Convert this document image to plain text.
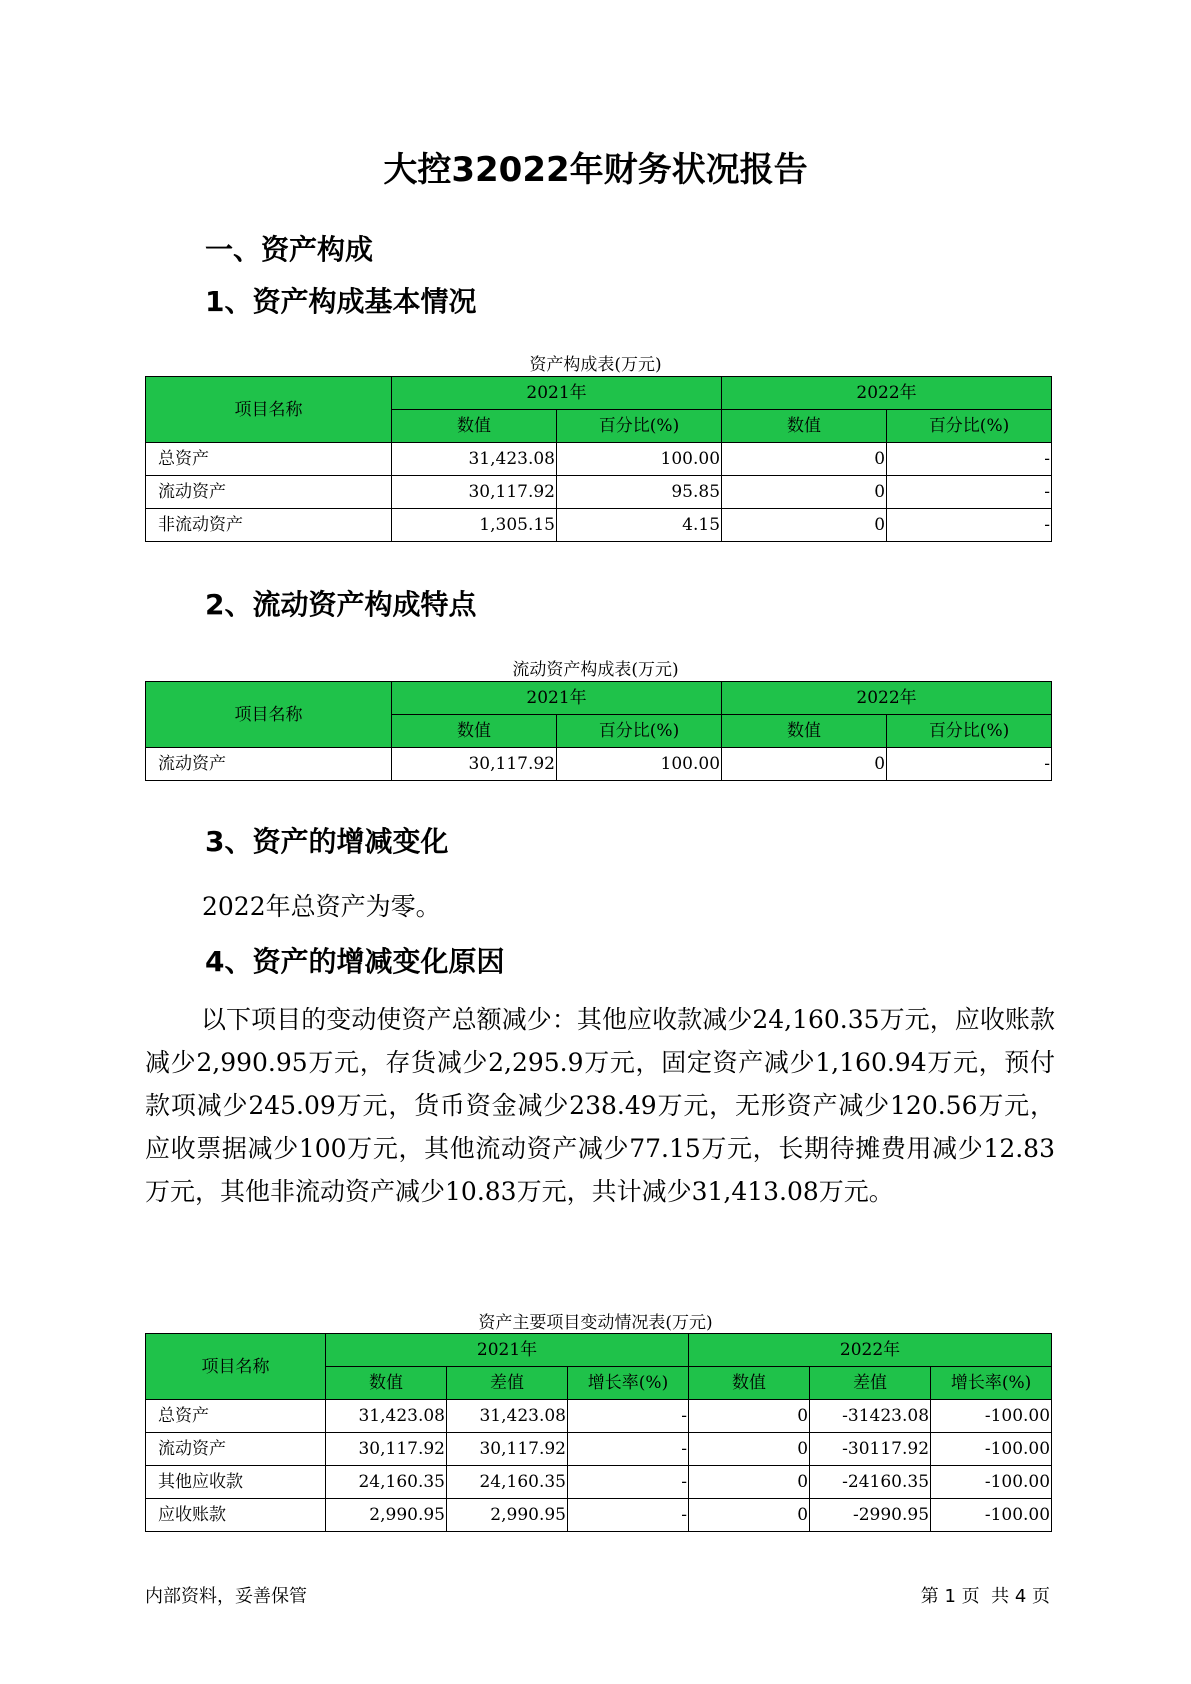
大控32022年财务状况报告
一、资产构成
1、资产构成基本情况
资产构成表(万元)
项目名称	2021年		2022年	
	数值	百分比(%)	数值	百分比(%)
总资产	31,423.08	100.00	0	-
流动资产	30,117.92	95.85	0	-
非流动资产	1,305.15	4.15	0	-
2、流动资产构成特点
流动资产构成表(万元)
项目名称	2021年		2022年	
	数值	百分比(%)	数值	百分比(%)
流动资产	30,117.92	100.00	0	-
3、资产的增减变化
2022年总资产为零。
4、资产的增减变化原因
以下项目的变动使资产总额减少：其他应收款减少24,160.35万元，应收账款减少2,990.95万元，存货减少2,295.9万元，固定资产减少1,160.94万元，预付款项减少245.09万元，货币资金减少238.49万元，无形资产减少120.56万元，应收票据减少100万元，其他流动资产减少77.15万元，长期待摊费用减少12.83万元，其他非流动资产减少10.83万元，共计减少31,413.08万元。
资产主要项目变动情况表(万元)
项目名称	2021年			2022年		
	数值	差值	增长率(%)	数值	差值	增长率(%)
总资产	31,423.08	31,423.08	-	0	-31423.08	-100.00
流动资产	30,117.92	30,117.92	-	0	-30117.92	-100.00
其他应收款	24,160.35	24,160.35	-	0	-24160.35	-100.00
应收账款	2,990.95	2,990.95	-	0	-2990.95	-100.00
内部资料，妥善保管	第 1 页  共 4 页
